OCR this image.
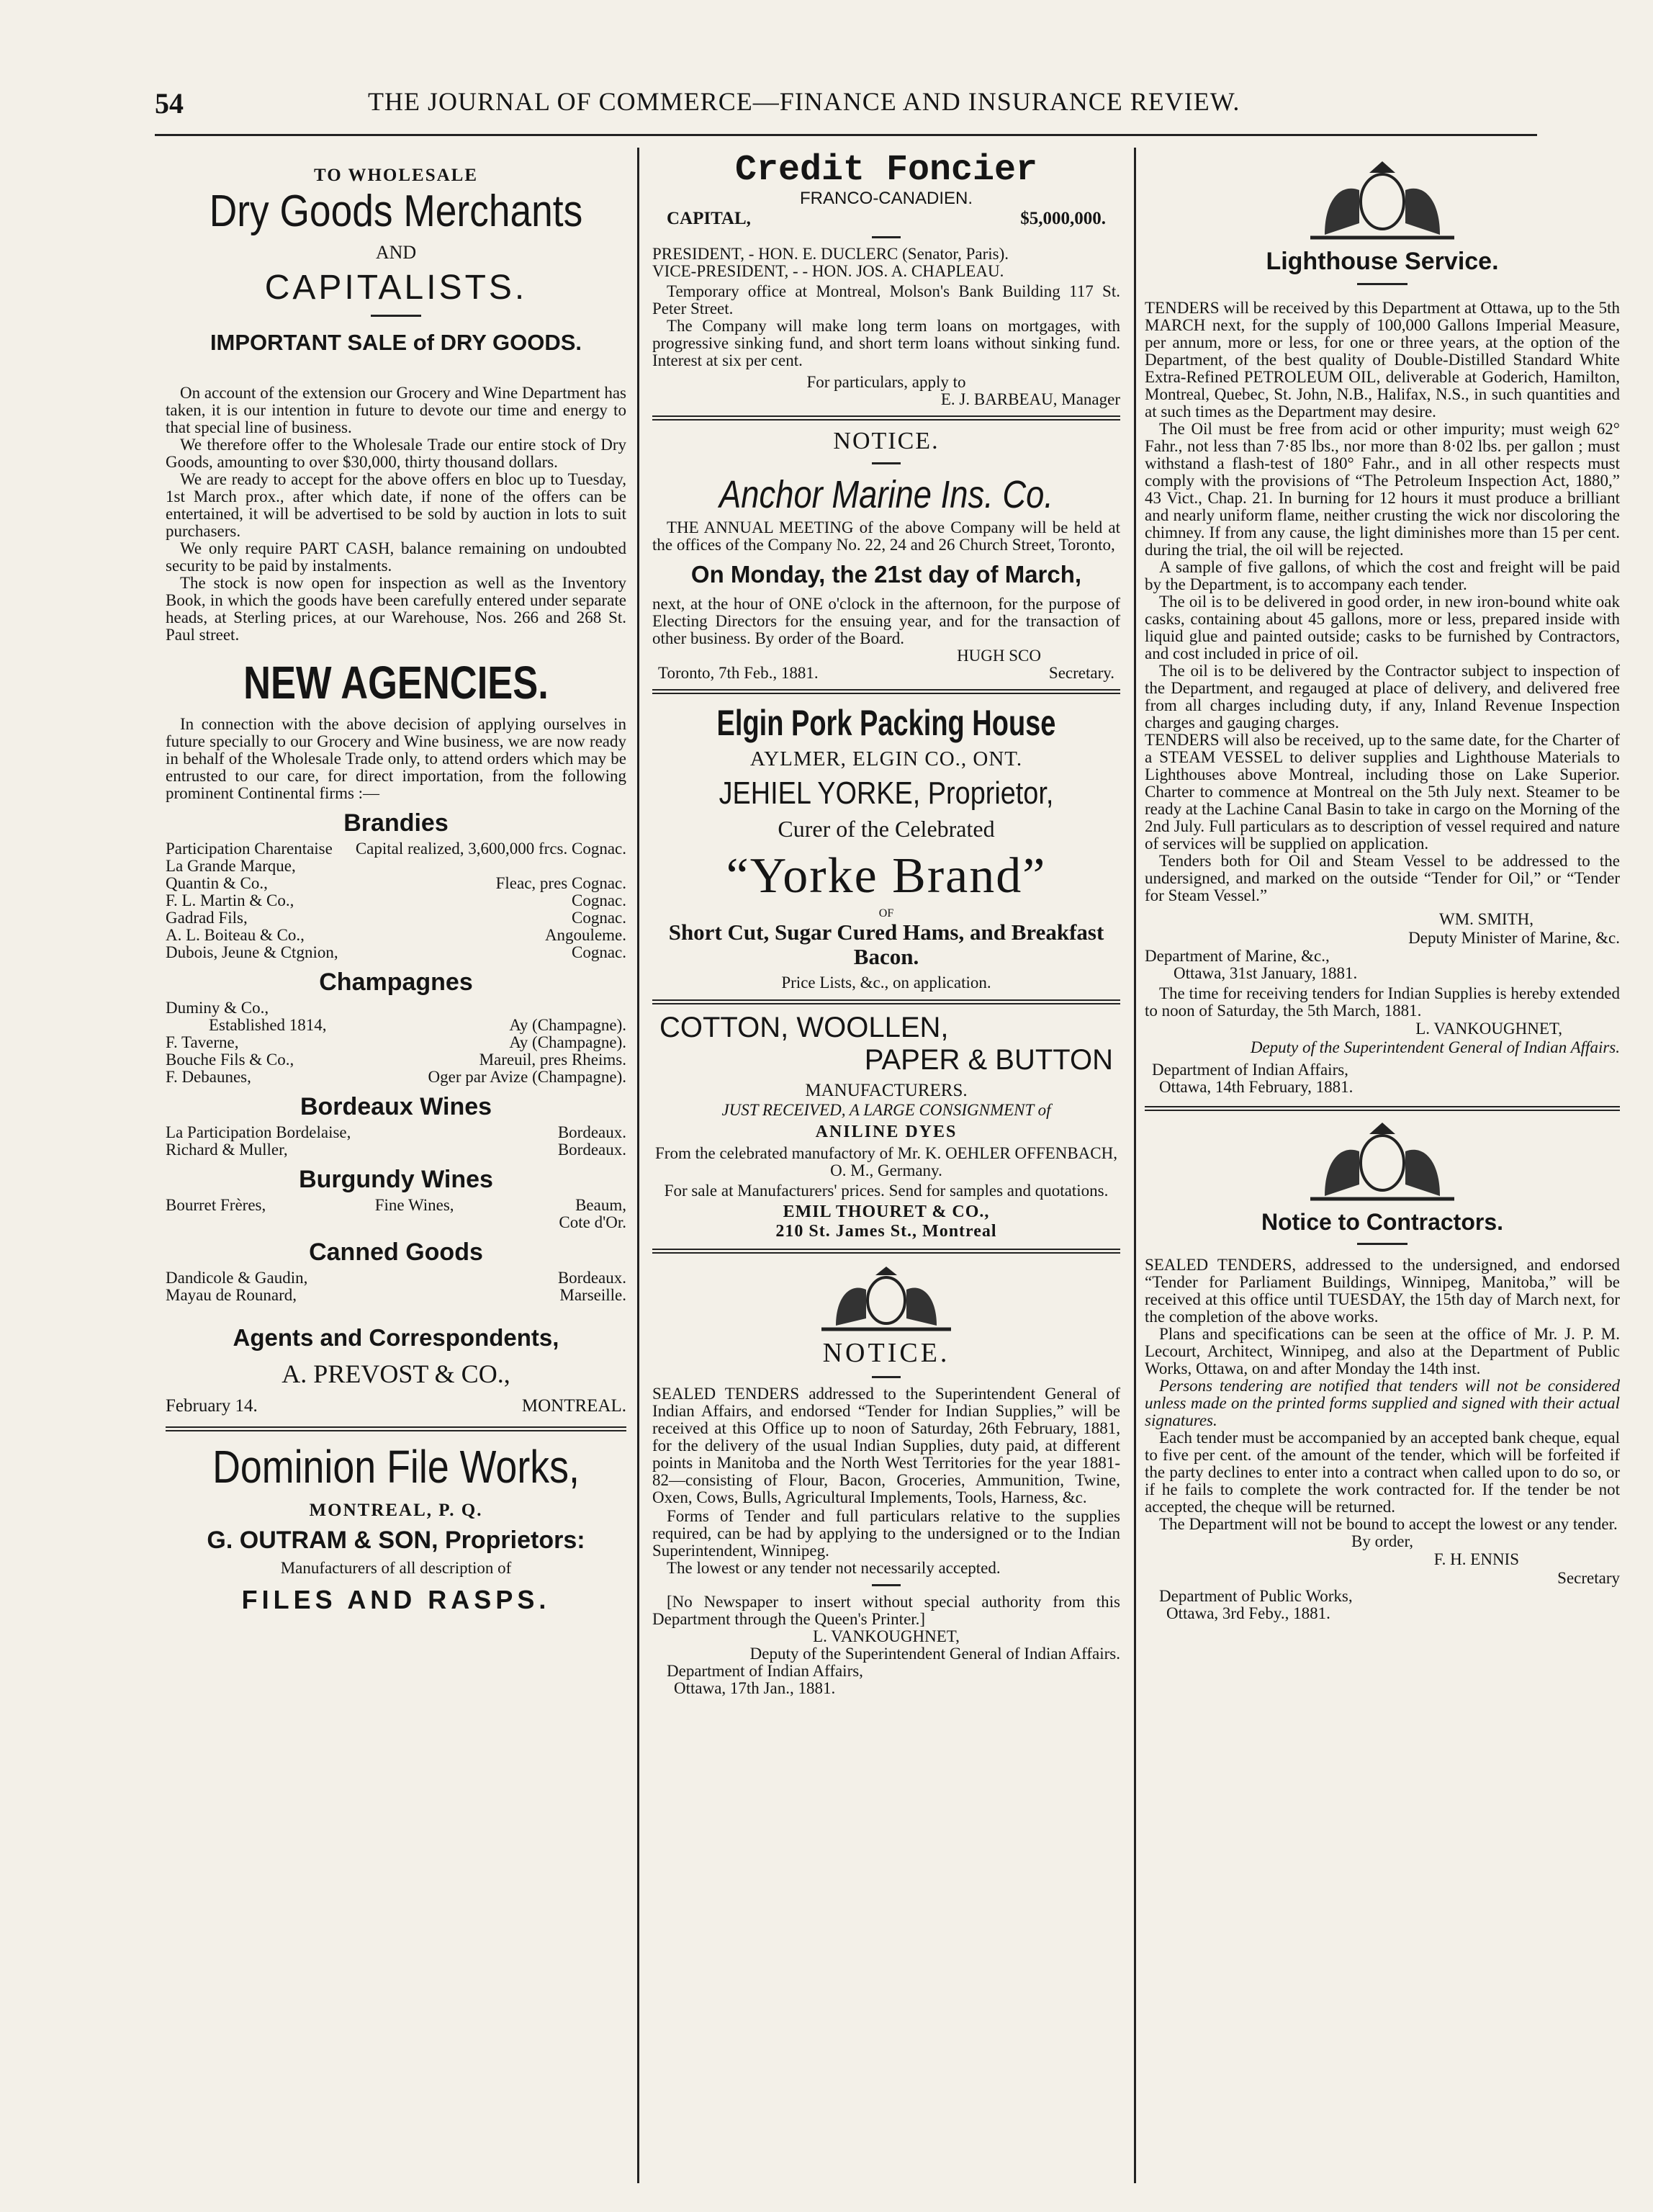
54	THE JOURNAL OF COMMERCE—FINANCE AND INSURANCE REVIEW.
TO WHOLESALE
Dry Goods Merchants
AND
CAPITALISTS.
IMPORTANT SALE of DRY GOODS.

On account of the extension our Grocery and Wine Department has taken, it is our intention in future to devote our time and energy to that special line of business.

We therefore offer to the Wholesale Trade our entire stock of Dry Goods, amounting to over $30,000, thirty thousand dollars.

We are ready to accept for the above offers en bloc up to Tuesday, 1st March prox., after which date, if none of the offers can be entertained, it will be advertised to be sold by auction in lots to suit purchasers.

We only require PART CASH, balance remaining on undoubted security to be paid by instalments.

The stock is now open for inspection as well as the Inventory Book, in which the goods have been carefully entered under separate heads, at Sterling prices, at our Warehouse, Nos. 266 and 268 St. Paul street.

NEW AGENCIES.

In connection with the above decision of applying ourselves in future specially to our Grocery and Wine business, we are now ready in behalf of the Wholesale Trade only, to attend orders which may be entrusted to our care, for direct importation, from the following prominent Continental firms :—

Brandies
Participation Charentaise	Capital realized, 3,600,000 frcs. Cognac.
La Grande Marque,	
Quantin & Co.,	Fleac, pres Cognac.
F. L. Martin & Co.,	Cognac.
Gadrad Fils,	Cognac.
A. L. Boiteau & Co.,	Angouleme.
Dubois, Jeune & Ctgnion,	Cognac.
Champagnes
Duminy & Co.,	
Established 1814,	Ay (Champagne).
F. Taverne,	Ay (Champagne).
Bouche Fils & Co.,	Mareuil, pres Rheims.
F. Debaunes,	Oger par Avize (Champagne).
Bordeaux Wines
La Participation Bordelaise,	Bordeaux.
Richard & Muller,	Bordeaux.
Burgundy Wines
Bourret Frères,	Fine Wines,	Beaum, Cote d'Or.
Canned Goods
Dandicole & Gaudin,	Bordeaux.
Mayau de Rounard,	Marseille.
Agents and Correspondents,
A. PREVOST & CO.,
February 14.	MONTREAL.
Dominion File Works,
MONTREAL, P. Q.
G. OUTRAM & SON, Proprietors:
Manufacturers of all description of
FILES AND RASPS.
Credit Foncier
FRANCO-CANADIEN.
CAPITAL,	$5,000,000.
PRESIDENT, - HON. E. DUCLERC (Senator, Paris).
VICE-PRESIDENT, - - HON. JOS. A. CHAPLEAU.

Temporary office at Montreal, Molson's Bank Building 117 St. Peter Street.

The Company will make long term loans on mortgages, with progressive sinking fund, and short term loans without sinking fund. Interest at six per cent.

For particulars, apply to
E. J. BARBEAU, Manager
NOTICE.
Anchor Marine Ins. Co.

THE ANNUAL MEETING of the above Company will be held at the offices of the Company No. 22, 24 and 26 Church Street, Toronto,

On Monday, the 21st day of March,

next, at the hour of ONE o'clock in the afternoon, for the purpose of Electing Directors for the ensuing year, and for the transaction of other business. By order of the Board.

HUGH SCO
Toronto, 7th Feb., 1881.	Secretary.
Elgin Pork Packing House
AYLMER, ELGIN CO., ONT.
JEHIEL YORKE, Proprietor,
Curer of the Celebrated
“Yorke Brand”
OF
Short Cut, Sugar Cured Hams, and Breakfast Bacon.
Price Lists, &c., on application.
COTTON, WOOLLEN,
PAPER & BUTTON
MANUFACTURERS.
JUST RECEIVED, A LARGE CONSIGNMENT of
ANILINE DYES
From the celebrated manufactory of Mr. K. OEHLER OFFENBACH, O. M., Germany.
For sale at Manufacturers' prices. Send for samples and quotations.
EMIL THOURET & CO.,
210 St. James St., Montreal
NOTICE.

SEALED TENDERS addressed to the Superintendent General of Indian Affairs, and endorsed “Tender for Indian Supplies,” will be received at this Office up to noon of Saturday, 26th February, 1881, for the delivery of the usual Indian Supplies, duty paid, at different points in Manitoba and the North West Territories for the year 1881-82—consisting of Flour, Bacon, Groceries, Ammunition, Twine, Oxen, Cows, Bulls, Agricultural Implements, Tools, Harness, &c.

Forms of Tender and full particulars relative to the supplies required, can be had by applying to the undersigned or to the Indian Superintendent, Winnipeg.

The lowest or any tender not necessarily accepted.

[No Newspaper to insert without special authority from this Department through the Queen's Printer.]

L. VANKOUGHNET,
Deputy of the Superintendent General of Indian Affairs.
Department of Indian Affairs,
Ottawa, 17th Jan., 1881.
Lighthouse Service.

TENDERS will be received by this Department at Ottawa, up to the 5th MARCH next, for the supply of 100,000 Gallons Imperial Measure, per annum, more or less, for one or three years, at the option of the Department, of the best quality of Double-Distilled Standard White Extra-Refined PETROLEUM OIL, deliverable at Goderich, Hamilton, Montreal, Quebec, St. John, N.B., Halifax, N.S., in such quantities and at such times as the Department may desire.

The Oil must be free from acid or other impurity; must weigh 62° Fahr., not less than 7·85 lbs., nor more than 8·02 lbs. per gallon ; must withstand a flash-test of 180° Fahr., and in all other respects must comply with the provisions of “The Petroleum Inspection Act, 1880,” 43 Vict., Chap. 21. In burning for 12 hours it must produce a brilliant and nearly uniform flame, neither crusting the wick nor discoloring the chimney. If from any cause, the light diminishes more than 15 per cent. during the trial, the oil will be rejected.

A sample of five gallons, of which the cost and freight will be paid by the Department, is to accompany each tender.

The oil is to be delivered in good order, in new iron-bound white oak casks, containing about 45 gallons, more or less, prepared inside with liquid glue and painted outside; casks to be furnished by Contractors, and cost included in price of oil.

The oil is to be delivered by the Contractor subject to inspection of the Department, and regauged at place of delivery, and delivered free from all charges including duty, if any, Inland Revenue Inspection charges and gauging charges.

TENDERS will also be received, up to the same date, for the Charter of a STEAM VESSEL to deliver supplies and Lighthouse Materials to Lighthouses above Montreal, including those on Lake Superior. Charter to commence at Montreal on the 5th July next. Steamer to be ready at the Lachine Canal Basin to take in cargo on the Morning of the 2nd July. Full particulars as to description of vessel required and nature of services will be supplied on application.

Tenders both for Oil and Steam Vessel to be addressed to the undersigned, and marked on the outside “Tender for Oil,” or “Tender for Steam Vessel.”

WM. SMITH,
Deputy Minister of Marine, &c.
Department of Marine, &c.,
Ottawa, 31st January, 1881.

The time for receiving tenders for Indian Supplies is hereby extended to noon of Saturday, the 5th March, 1881.

L. VANKOUGHNET,
Deputy of the Superintendent General of Indian Affairs.
Department of Indian Affairs,
Ottawa, 14th February, 1881.
Notice to Contractors.

SEALED TENDERS, addressed to the undersigned, and endorsed “Tender for Parliament Buildings, Winnipeg, Manitoba,” will be received at this office until TUESDAY, the 15th day of March next, for the completion of the above works.

Plans and specifications can be seen at the office of Mr. J. P. M. Lecourt, Architect, Winnipeg, and also at the Department of Public Works, Ottawa, on and after Monday the 14th inst.

Persons tendering are notified that tenders will not be considered unless made on the printed forms supplied and signed with their actual signatures.

Each tender must be accompanied by an accepted bank cheque, equal to five per cent. of the amount of the tender, which will be forfeited if the party declines to enter into a contract when called upon to do so, or if he fails to complete the work contracted for. If the tender be not accepted, the cheque will be returned.

The Department will not be bound to accept the lowest or any tender.

By order,
F. H. ENNIS
Secretary
Department of Public Works,
Ottawa, 3rd Feby., 1881.
